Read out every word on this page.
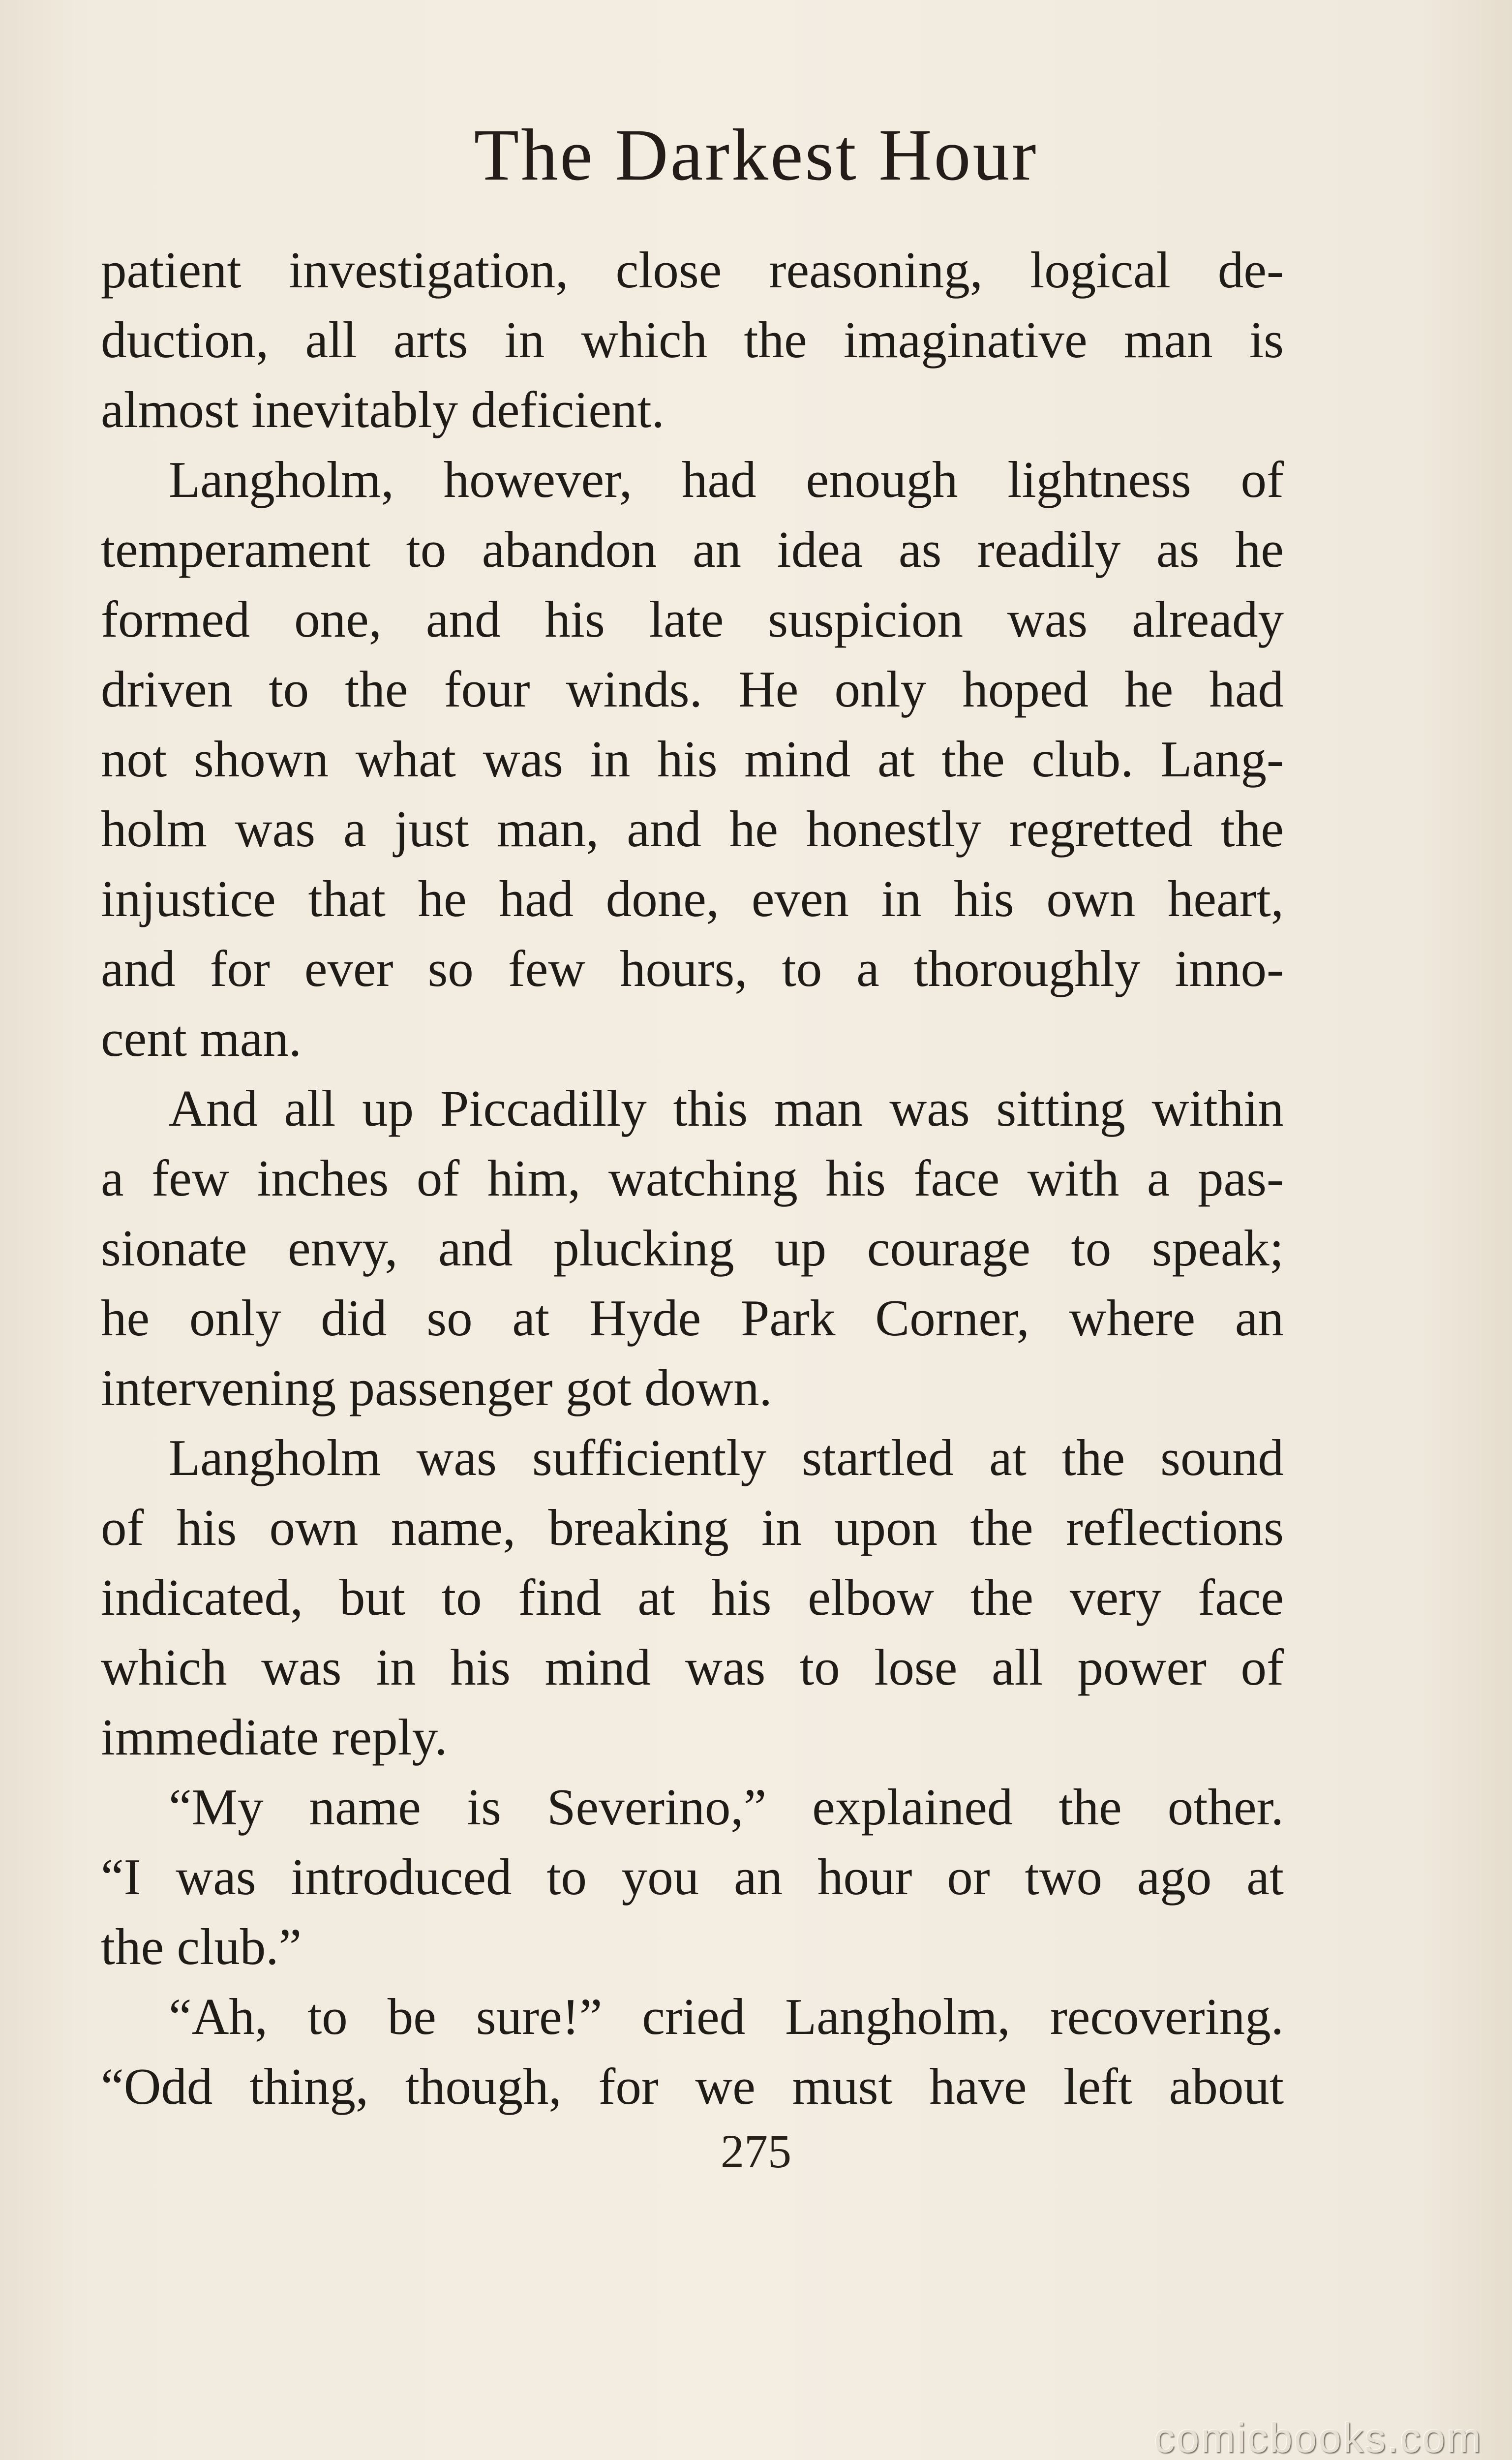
The Darkest Hour
patient investigation, close reasoning, logical de-
duction, all arts in which the imaginative man is
almost inevitably deficient.
Langholm, however, had enough lightness of
temperament to abandon an idea as readily as he
formed one, and his late suspicion was already
driven to the four winds. He only hoped he had
not shown what was in his mind at the club. Lang-
holm was a just man, and he honestly regretted the
injustice that he had done, even in his own heart,
and for ever so few hours, to a thoroughly inno-
cent man.
And all up Piccadilly this man was sitting within
a few inches of him, watching his face with a pas-
sionate envy, and plucking up courage to speak;
he only did so at Hyde Park Corner, where an
intervening passenger got down.
Langholm was sufficiently startled at the sound
of his own name, breaking in upon the reflections
indicated, but to find at his elbow the very face
which was in his mind was to lose all power of
immediate reply.
“My name is Severino,” explained the other.
“I was introduced to you an hour or two ago at
the club.”
“Ah, to be sure!” cried Langholm, recovering.
“Odd thing, though, for we must have left about
275
comicbooks.com
